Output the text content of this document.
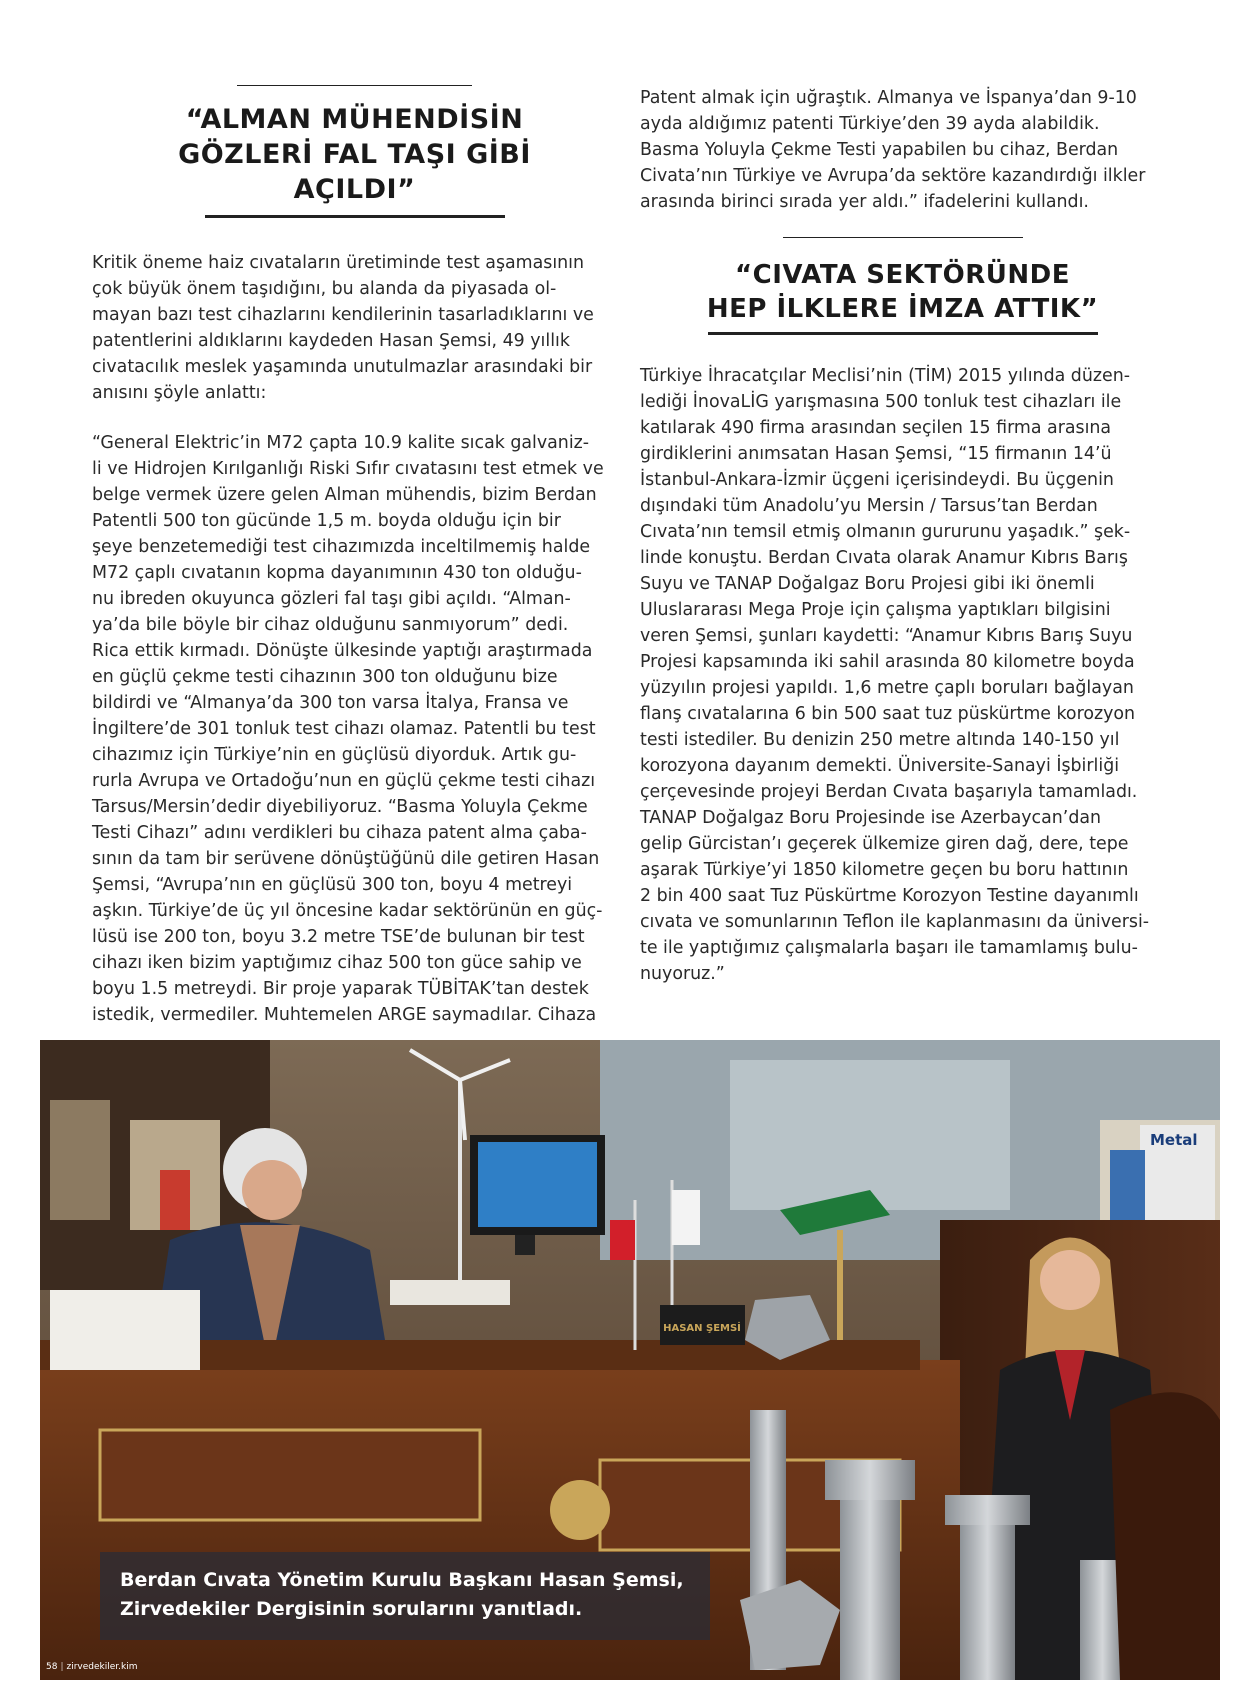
“ALMAN MÜHENDİSİN
GÖZLERİ FAL TAŞI GİBİ
AÇILDI”

Kritik öneme haiz cıvataların üretiminde test aşamasının
çok büyük önem taşıdığını, bu alanda da piyasada ol-
mayan bazı test cihazlarını kendilerinin tasarladıklarını ve
patentlerini aldıklarını kaydeden Hasan Şemsi, 49 yıllık
civatacılık meslek yaşamında unutulmazlar arasındaki bir
anısını şöyle anlattı:

“General Elektric’in M72 çapta 10.9 kalite sıcak galvaniz-
li ve Hidrojen Kırılganlığı Riski Sıfır cıvatasını test etmek ve
belge vermek üzere gelen Alman mühendis, bizim Berdan
Patentli 500 ton gücünde 1,5 m. boyda olduğu için bir
şeye benzetemediği test cihazımızda inceltilmemiş halde
M72 çaplı cıvatanın kopma dayanımının 430 ton olduğu-
nu ibreden okuyunca gözleri fal taşı gibi açıldı. “Alman-
ya’da bile böyle bir cihaz olduğunu sanmıyorum” dedi.
Rica ettik kırmadı. Dönüşte ülkesinde yaptığı araştırmada
en güçlü çekme testi cihazının 300 ton olduğunu bize
bildirdi ve “Almanya’da 300 ton varsa İtalya, Fransa ve
İngiltere’de 301 tonluk test cihazı olamaz. Patentli bu test
cihazımız için Türkiye’nin en güçlüsü diyorduk. Artık gu-
rurla Avrupa ve Ortadoğu’nun en güçlü çekme testi cihazı
Tarsus/Mersin’dedir diyebiliyoruz. “Basma Yoluyla Çekme
Testi Cihazı” adını verdikleri bu cihaza patent alma çaba-
sının da tam bir serüvene dönüştüğünü dile getiren Hasan
Şemsi, “Avrupa’nın en güçlüsü 300 ton, boyu 4 metreyi
aşkın. Türkiye’de üç yıl öncesine kadar sektörünün en güç-
lüsü ise 200 ton, boyu 3.2 metre TSE’de bulunan bir test
cihazı iken bizim yaptığımız cihaz 500 ton güce sahip ve
boyu 1.5 metreydi. Bir proje yaparak TÜBİTAK’tan destek
istedik, vermediler. Muhtemelen ARGE saymadılar. Cihaza

Patent almak için uğraştık. Almanya ve İspanya’dan 9-10
ayda aldığımız patenti Türkiye’den 39 ayda alabildik.
Basma Yoluyla Çekme Testi yapabilen bu cihaz, Berdan
Civata’nın Türkiye ve Avrupa’da sektöre kazandırdığı ilkler
arasında birinci sırada yer aldı.” ifadelerini kullandı.

“CIVATA SEKTÖRÜNDE
HEP İLKLERE İMZA ATTIK”

Türkiye İhracatçılar Meclisi’nin (TİM) 2015 yılında düzen-
lediği İnovaLİG yarışmasına 500 tonluk test cihazları ile
katılarak 490 firma arasından seçilen 15 firma arasına
girdiklerini anımsatan Hasan Şemsi, “15 firmanın 14’ü
İstanbul-Ankara-İzmir üçgeni içerisindeydi. Bu üçgenin
dışındaki tüm Anadolu’yu Mersin / Tarsus’tan Berdan
Cıvata’nın temsil etmiş olmanın gururunu yaşadık.” şek-
linde konuştu. Berdan Cıvata olarak Anamur Kıbrıs Barış
Suyu ve TANAP Doğalgaz Boru Projesi gibi iki önemli
Uluslararası Mega Proje için çalışma yaptıkları bilgisini
veren Şemsi, şunları kaydetti: “Anamur Kıbrıs Barış Suyu
Projesi kapsamında iki sahil arasında 80 kilometre boyda
yüzyılın projesi yapıldı. 1,6 metre çaplı boruları bağlayan
flanş cıvatalarına 6 bin 500 saat tuz püskürtme korozyon
testi istediler. Bu denizin 250 metre altında 140-150 yıl
korozyona dayanım demekti. Üniversite-Sanayi İşbirliği
çerçevesinde projeyi Berdan Cıvata başarıyla tamamladı.
TANAP Doğalgaz Boru Projesinde ise Azerbaycan’dan
gelip Gürcistan’ı geçerek ülkemize giren dağ, dere, tepe
aşarak Türkiye’yi 1850 kilometre geçen bu boru hattının
2 bin 400 saat Tuz Püskürtme Korozyon Testine dayanımlı
cıvata ve somunlarının Teflon ile kaplanmasını da üniversi-
te ile yaptığımız çalışmalarla başarı ile tamamlamış bulu-
nuyoruz.”

Metal
HASAN ŞEMSİ
58 | zirvedekiler.kim
Berdan Cıvata Yönetim Kurulu Başkanı Hasan Şemsi,
Zirvedekiler Dergisinin sorularını yanıtladı.
